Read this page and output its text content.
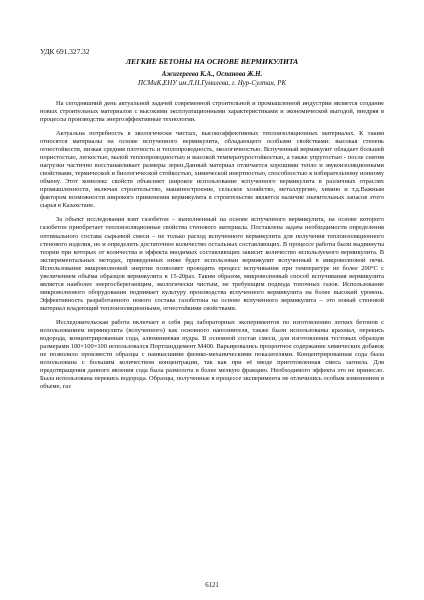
УДК 691.327.32

ЛЕГКИЕ БЕТОНЫ НА ОСНОВЕ ВЕРМИКУЛИТА

Ажигереева К.А., Оспанова Ж.Н.

ПСМиК,ЕНУ им.Л.Н.Гумилева, г. Нур-Султан, РК

На сегодняшний день актуальной задачей современной строительной и промышленной индустрии является создание новых строительных материалов с высокими эксплуатационными характеристиками и экономической выгодой, внедряя в процессы производства энергоэффективные технологии.

Актуальна потребность в экологически чистых, высокоэффективных теплоизоляционных материалах. К таким относятся материалы на основе вспученного вермикулита, обладающего особыми свойствами: высокая степень огнестойкости, низкая средняя плотность и теплопроводность, экологичностью. Вспученный вермикулит обладает большей пористостью, легкостью, малой теплопроводностью и высокой температуростойкостью, а также упругостью - после снятия нагрузки частично восстанавливает размеры зерен.Данный материал отличается хорошими тепло и звукоизоляционными свойствами, термической и биологической стойкостью, химической инертностью, способностью к избирательному ионному обмену. Этот комплекс свойств объясняет широкое использование вспученного вермикулита в различных отраслях промышленности, включая строительство, машиностроение, сельское хозяйство, металлургию, химию и т.д.Важным фактором возможности широкого применения вермикулита в строительстве является наличие значительных запасов этого сырья в Казахстане.

За объект исследования взят газобетон – выполненный на основе вспученного вермикулита, на основе которого газобетон приобретает теплоизоляционные свойства стенового материала. Поставлена задача необходимости определения оптимального состава сырьевой смеси – не только расход вспученного вермикулита для получения теплоизоляционного стенового изделия, но и определить достаточное количество остальных составляющих. В процессе работы были выдвинуты теории при которых от количества и эффекта вводимых составляющих зависит количество используемого вермикулита. В экспериментальных методах, приведенных ниже будет использован вермикулит вспученный в микроволновой печи. Использование микроволновой энергии позволяет проводить процесс вспучивания при температуре не более 200°С с увеличением объёма образцов вермикулита в 15-20раз. Таким образом, микроволновый способ вспучивания вермикулита является наиболее энергосберегающим, экологически чистым, не требующим подвода топочных газов. Использование микроволнового оборудования поднимает культуру производства вспученного вермикулита на более высокий уровень. Эффективность разработанного нового состава газобетона на основе вспученного вермикулита – это новый стеновой материал владеющий теплоизоляционными, огнестойкими свойствами.

Исследовательская работа включает в себя ряд лабораторных экспериментов по изготовлению легких бетонов с использованием вермикулита (вспученного) как основного наполнителя, также были использованы крахмал, перекись водорода, концентрированная сода, алюминиевая пудра. В основной состав смеси, для изготовления тестовых образцов размерами 100×100×100 использовался Портландцемент М400. Варьировались процентное содержание химических добавок не позволило произвести образцы с наивысшими физико-механическими показателями. Концентрированная сода была использована с большим количеством концентрации, так как при её вводе приготовленная смесь загнила. Для предотвращения данного явления сода была размолота в более мелкую фракцию. Необходимого эффекта это не принесло. Была использована перекись водорода. Образцы, полученные в процессе эксперимента не отличились особым изменением в объеме, газ

6121
